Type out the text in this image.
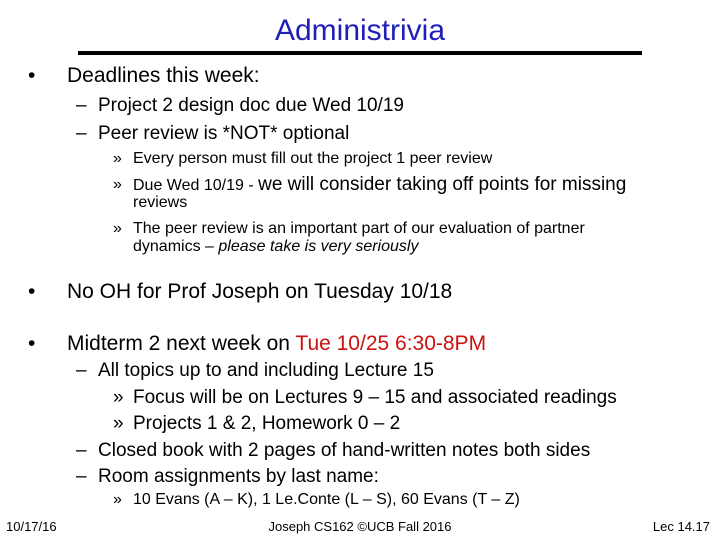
Administrivia
• Deadlines this week:
– Project 2 design doc due Wed 10/19
– Peer review is *NOT* optional
» Every person must fill out the project 1 peer review
» Due Wed 10/19 - we will consider taking off points for missing
reviews
» The peer review is an important part of our evaluation of partner
dynamics – please take is very seriously
• No OH for Prof Joseph on Tuesday 10/18
• Midterm 2 next week on Tue 10/25 6:30-8PM
– All topics up to and including Lecture 15
» Focus will be on Lectures 9 – 15 and associated readings
» Projects 1 & 2, Homework 0 – 2
– Closed book with 2 pages of hand-written notes both sides
– Room assignments by last name:
» 10 Evans (A – K), 1 Le.Conte (L – S), 60 Evans (T – Z)
10/17/16	Joseph CS162 ©UCB Fall 2016	Lec 14.17
